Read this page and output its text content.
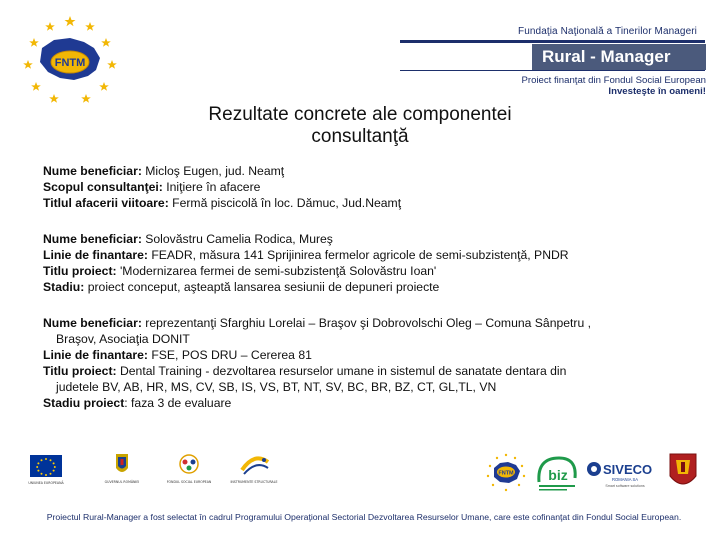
FNTM
Fundaţia Naţională a Tinerilor Manageri
Rural - Manager
Proiect finanţat din Fondul Social European
Investeşte în oameni!
Rezultate concrete ale componentei
consultanţă
Nume beneficiar: Micloş Eugen, jud. Neamţ
Scopul consultanţei: Iniţiere în afacere
Titlul afacerii viitoare: Fermă piscicolă în loc. Dămuc, Jud.Neamţ
Nume beneficiar: Solovăstru Camelia Rodica, Mureş
Linie de finantare: FEADR, măsura 141 Sprijinirea fermelor agricole de semi-subzistenţă, PNDR
Titlu proiect: 'Modernizarea fermei de semi-subzistenţă Solovăstru Ioan'
Stadiu: proiect conceput, aşteaptă lansarea sesiunii de depuneri proiecte
Nume beneficiar: reprezentanţi Sfarghiu Lorelai – Braşov şi Dobrovolschi Oleg – Comuna Sânpetru ,
Braşov, Asociaţia DONIT
Linie de finantare: FSE, POS DRU – Cererea 81
Titlu proiect: Dental Training - dezvoltarea resurselor umane in sistemul de sanatate dentara din
judetele BV, AB, HR, MS, CV, SB, IS, VS, BT, NT, SV, BC, BR, BZ, CT, GL,TL, VN
Stadiu proiect: faza 3 de evaluare
UNIUNEA EUROPEANĂ	GUVERNUL ROMÂNIEI	FONDUL SOCIAL EUROPEAN	INSTRUMENTE STRUCTURALE
FNTM biz	SIVECO
ROMANIA SA
Smart software solutions
Proiectul Rural-Manager a fost selectat în cadrul Programului Operaţional Sectorial Dezvoltarea Resurselor Umane, care este cofinanţat din Fondul Social European.
